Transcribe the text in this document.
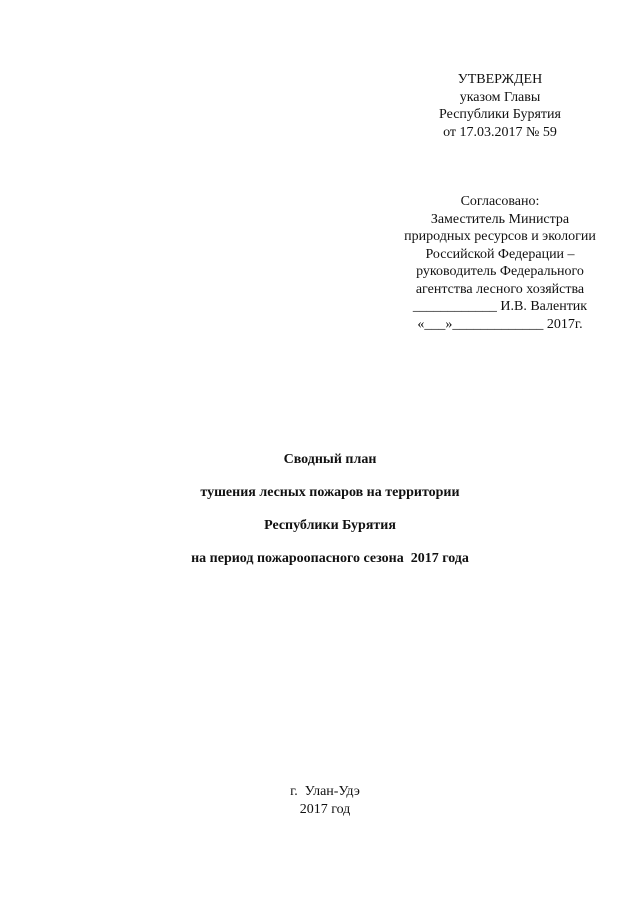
УТВЕРЖДЕН
указом Главы
Республики Бурятия
от 17.03.2017 № 59
Согласовано:
Заместитель Министра
природных ресурсов и экологии
Российской Федерации –
руководитель Федерального
агентства лесного хозяйства
____________ И.В. Валентик
«___»_____________ 2017г.
Сводный план
тушения лесных пожаров на территории
Республики Бурятия
на период пожароопасного сезона  2017 года
г.  Улан-Удэ
2017 год
